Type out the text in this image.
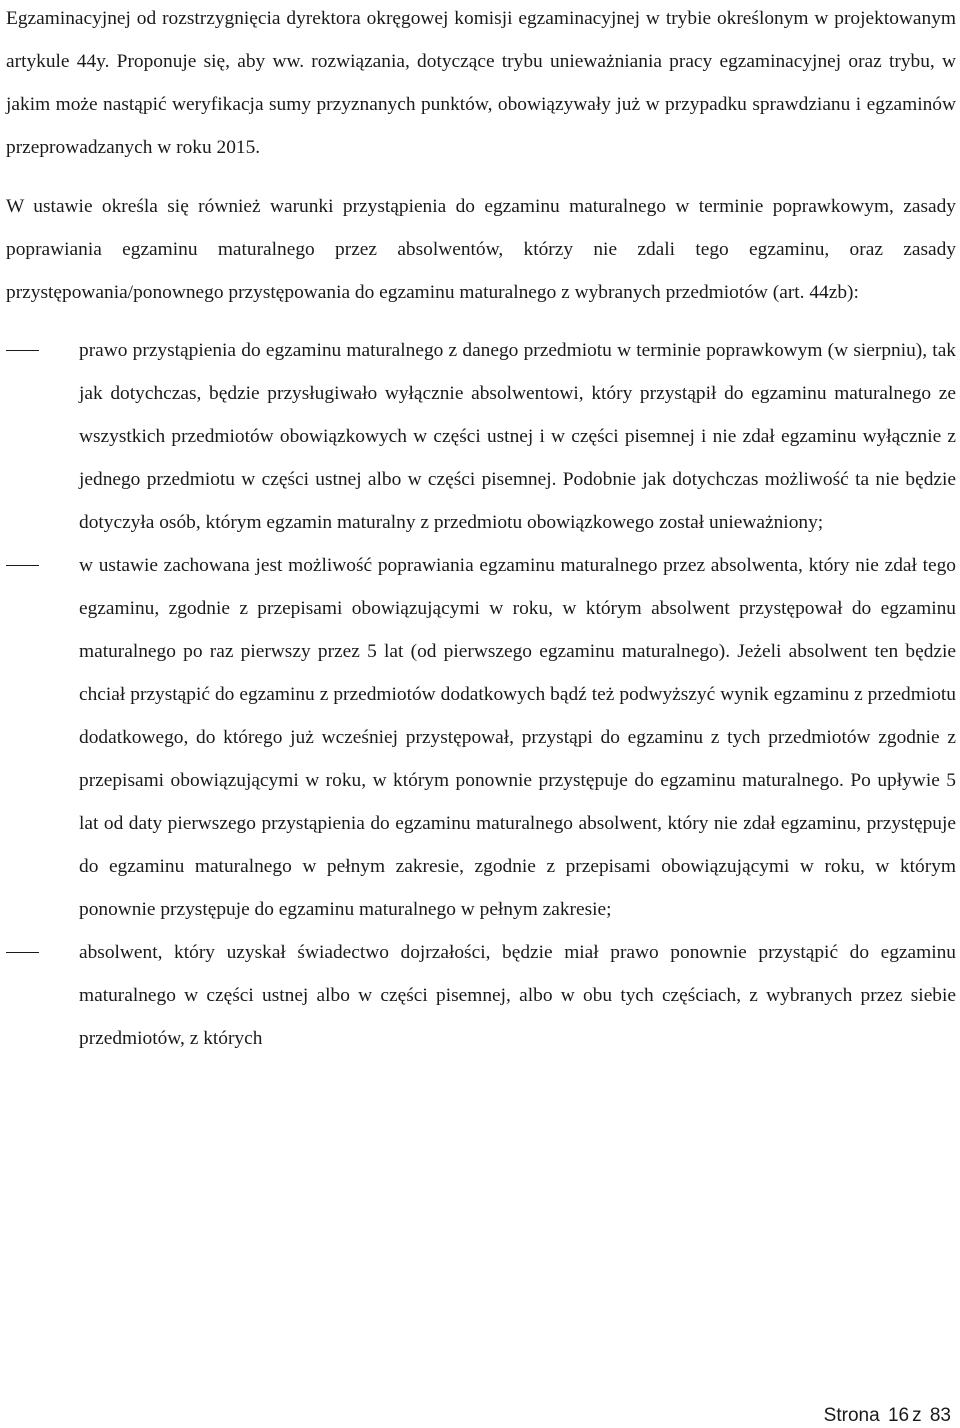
Egzaminacyjnej od rozstrzygnięcia dyrektora okręgowej komisji egzaminacyjnej w trybie określonym w projektowanym artykule 44y. Proponuje się, aby ww. rozwiązania, dotyczące trybu unieważniania pracy egzaminacyjnej oraz trybu, w jakim może nastąpić weryfikacja sumy przyznanych punktów, obowiązywały już w przypadku sprawdzianu i egzaminów przeprowadzanych w roku 2015.

W ustawie określa się również warunki przystąpienia do egzaminu maturalnego w terminie poprawkowym, zasady poprawiania egzaminu maturalnego przez absolwentów, którzy nie zdali tego egzaminu, oraz zasady przystępowania/ponownego przystępowania do egzaminu maturalnego z wybranych przedmiotów (art. 44zb):

prawo przystąpienia do egzaminu maturalnego z danego przedmiotu w terminie poprawkowym (w sierpniu), tak jak dotychczas, będzie przysługiwało wyłącznie absolwentowi, który przystąpił do egzaminu maturalnego ze wszystkich przedmiotów obowiązkowych w części ustnej i w części pisemnej i nie zdał egzaminu wyłącznie z jednego przedmiotu w części ustnej albo w części pisemnej. Podobnie jak dotychczas możliwość ta nie będzie dotyczyła osób, którym egzamin maturalny z przedmiotu obowiązkowego został unieważniony;
w ustawie zachowana jest możliwość poprawiania egzaminu maturalnego przez absolwenta, który nie zdał tego egzaminu, zgodnie z przepisami obowiązującymi w roku, w którym absolwent przystępował do egzaminu maturalnego po raz pierwszy przez 5 lat (od pierwszego egzaminu maturalnego). Jeżeli absolwent ten będzie chciał przystąpić do egzaminu z przedmiotów dodatkowych bądź też podwyższyć wynik egzaminu z przedmiotu dodatkowego, do którego już wcześniej przystępował, przystąpi do egzaminu z tych przedmiotów zgodnie z przepisami obowiązującymi w roku, w którym ponownie przystępuje do egzaminu maturalnego. Po upływie 5 lat od daty pierwszego przystąpienia do egzaminu maturalnego absolwent, który nie zdał egzaminu, przystępuje do egzaminu maturalnego w pełnym zakresie, zgodnie z przepisami obowiązującymi w roku, w którym ponownie przystępuje do egzaminu maturalnego w pełnym zakresie;
absolwent, który uzyskał świadectwo dojrzałości, będzie miał prawo ponownie przystąpić do egzaminu maturalnego w części ustnej albo w części pisemnej, albo w obu tych częściach, z wybranych przez siebie przedmiotów, z których
Strona 16 z 83
